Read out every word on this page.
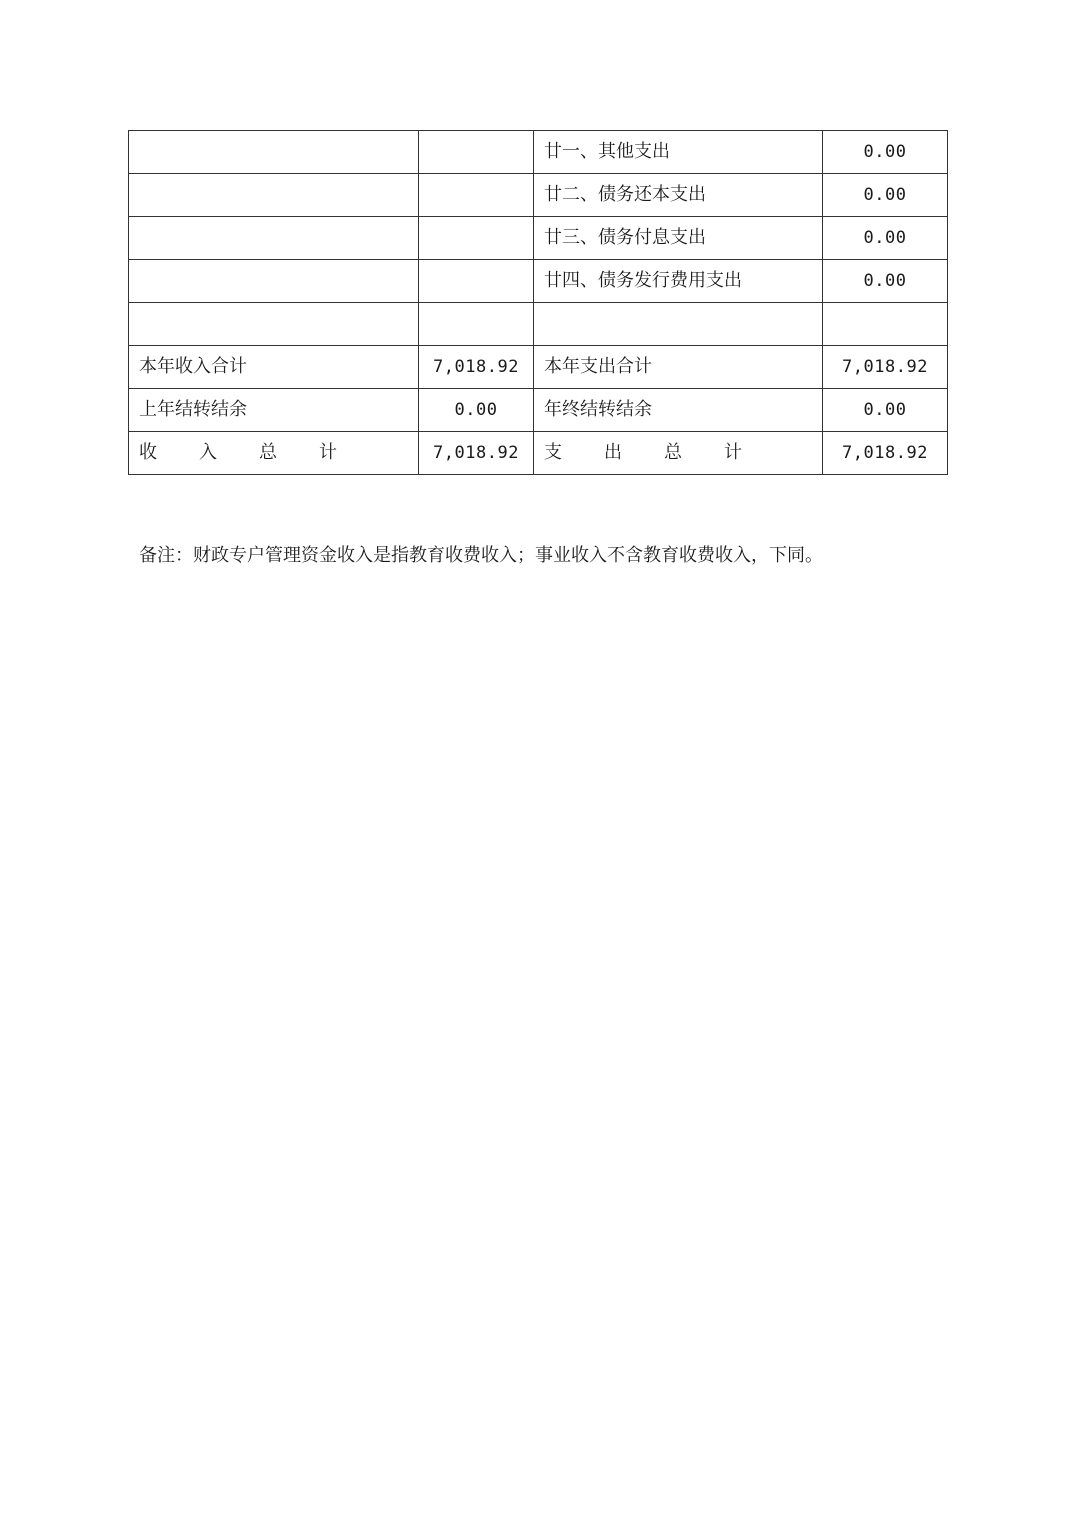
		廿一、其他支出	0.00
		廿二、债务还本支出	0.00
		廿三、债务付息支出	0.00
		廿四、债务发行费用支出	0.00

本年收入合计	7,018.92	本年支出合计	7,018.92
上年结转结余	0.00	年终结转结余	0.00
收 入 总 计	7,018.92	支 出 总 计	7,018.92
备注：财政专户管理资金收入是指教育收费收入；事业收入不含教育收费收入，下同。
